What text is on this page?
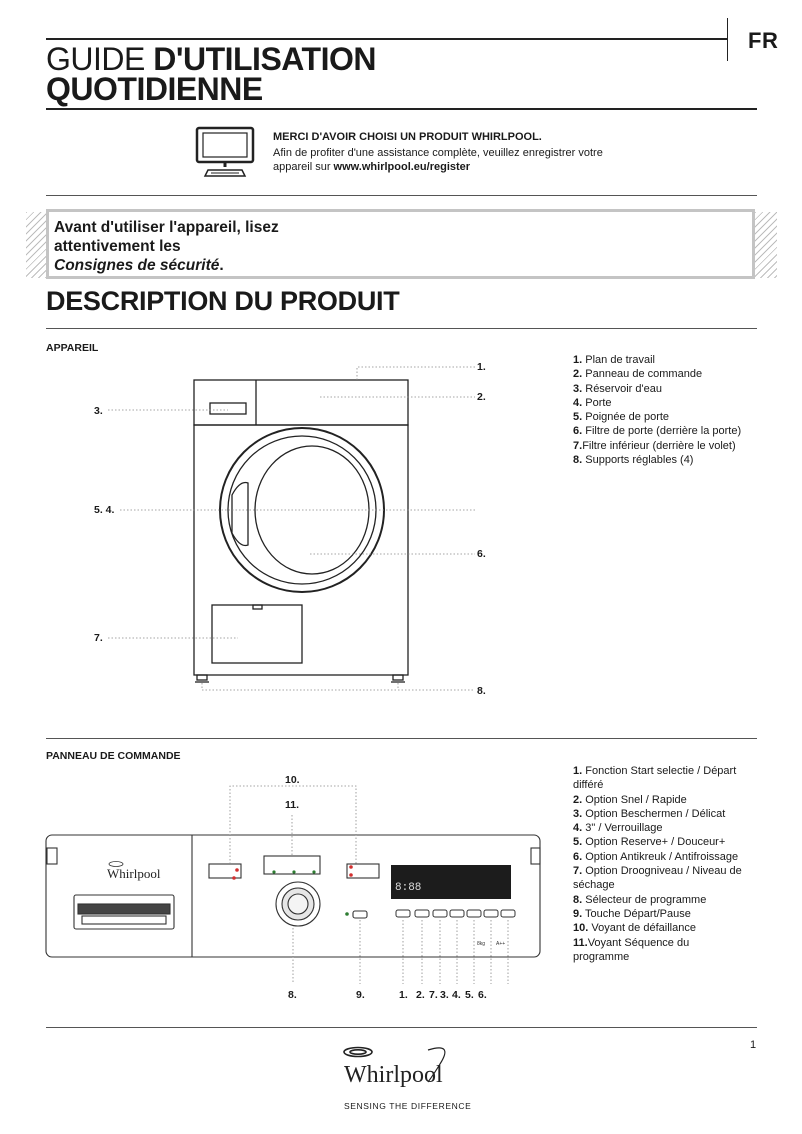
FR
GUIDE D'UTILISATION
QUOTIDIENNE
MERCI D'AVOIR CHOISI UN PRODUIT WHIRLPOOL.
Afin de profiter d'une assistance complète, veuillez enregistrer votre
appareil sur www.whirlpool.eu/register
Avant d'utiliser l'appareil, lisez
attentivement les
Consignes de sécurité.
DESCRIPTION DU PRODUIT
APPAREIL
1.
2.
3.
5. 4.
6.
7.
8.
1. Plan de travail
2. Panneau de commande
3. Réservoir d'eau
4. Porte
5. Poignée de porte
6. Filtre de porte (derrière la porte)
7.Filtre inférieur (derrière le volet)
8. Supports réglables (4)
PANNEAU DE COMMANDE
8:88
Whirlpool
8kg A++
10.
11.
8.	9.	1. 2. 7. 3. 4. 5. 6.
1. Fonction Start selectie / Départ
différé
2. Option Snel / Rapide
3. Option Beschermen / Délicat
4. 3" / Verrouillage
5. Option Reserve+ / Douceur+
6. Option Antikreuk / Antifroissage
7. Option Droogniveau / Niveau de
séchage
8. Sélecteur de programme
9. Touche Départ/Pause
10. Voyant de défaillance
11.Voyant Séquence du
programme
1
Whirlpool
SENSING THE DIFFERENCE
